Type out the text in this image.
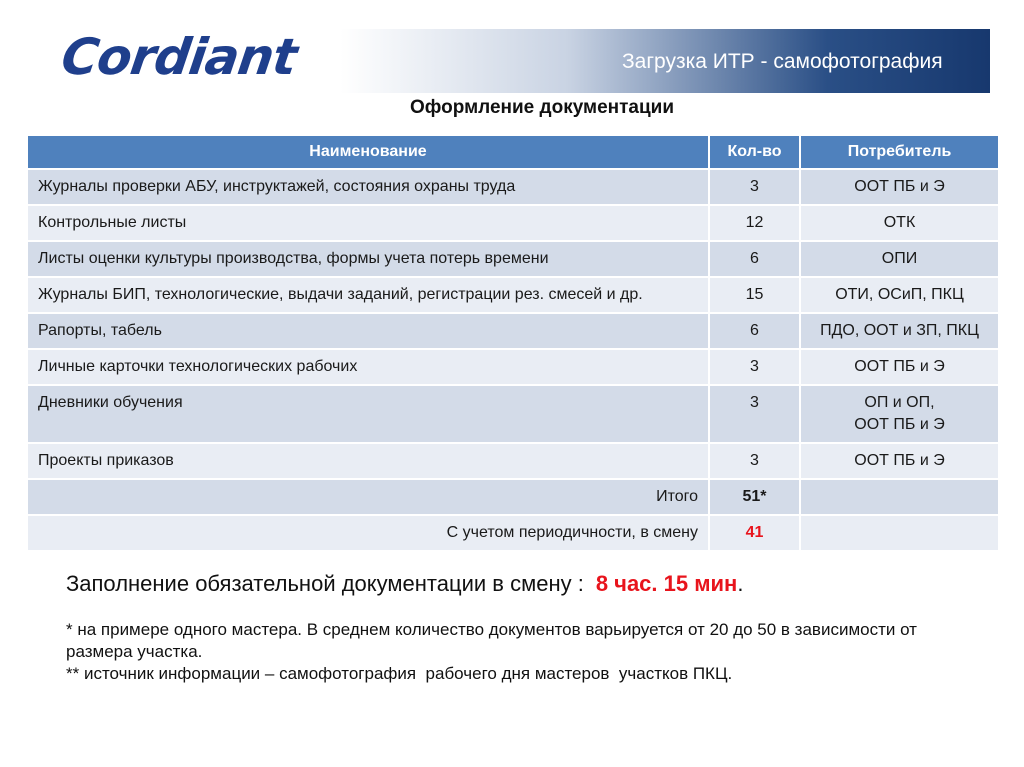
Cordiant	Загрузка ИТР - самофотография
Оформление документации
Наименование	Кол-во	Потребитель
Журналы проверки АБУ, инструктажей, состояния охраны труда	3	ООТ ПБ и Э
Контрольные листы	12	ОТК
Листы оценки культуры производства, формы учета потерь времени	6	ОПИ
Журналы БИП, технологические, выдачи заданий, регистрации рез. смесей и др.	15	ОТИ, ОСиП, ПКЦ
Рапорты, табель	6	ПДО, ООТ и ЗП, ПКЦ
Личные карточки технологических рабочих	3	ООТ ПБ и Э
Дневники обучения	3	ОП и ОП,
ООТ ПБ и Э
Проекты приказов	3	ООТ ПБ и Э
Итого	51*	
С учетом периодичности, в смену	41	
Заполнение обязательной документации в смену : 8 час. 15 мин.
* на примере одного мастера. В среднем количество документов варьируется от 20 до 50 в зависимости от размера участка.
** источник информации – самофотография  рабочего дня мастеров  участков ПКЦ.
